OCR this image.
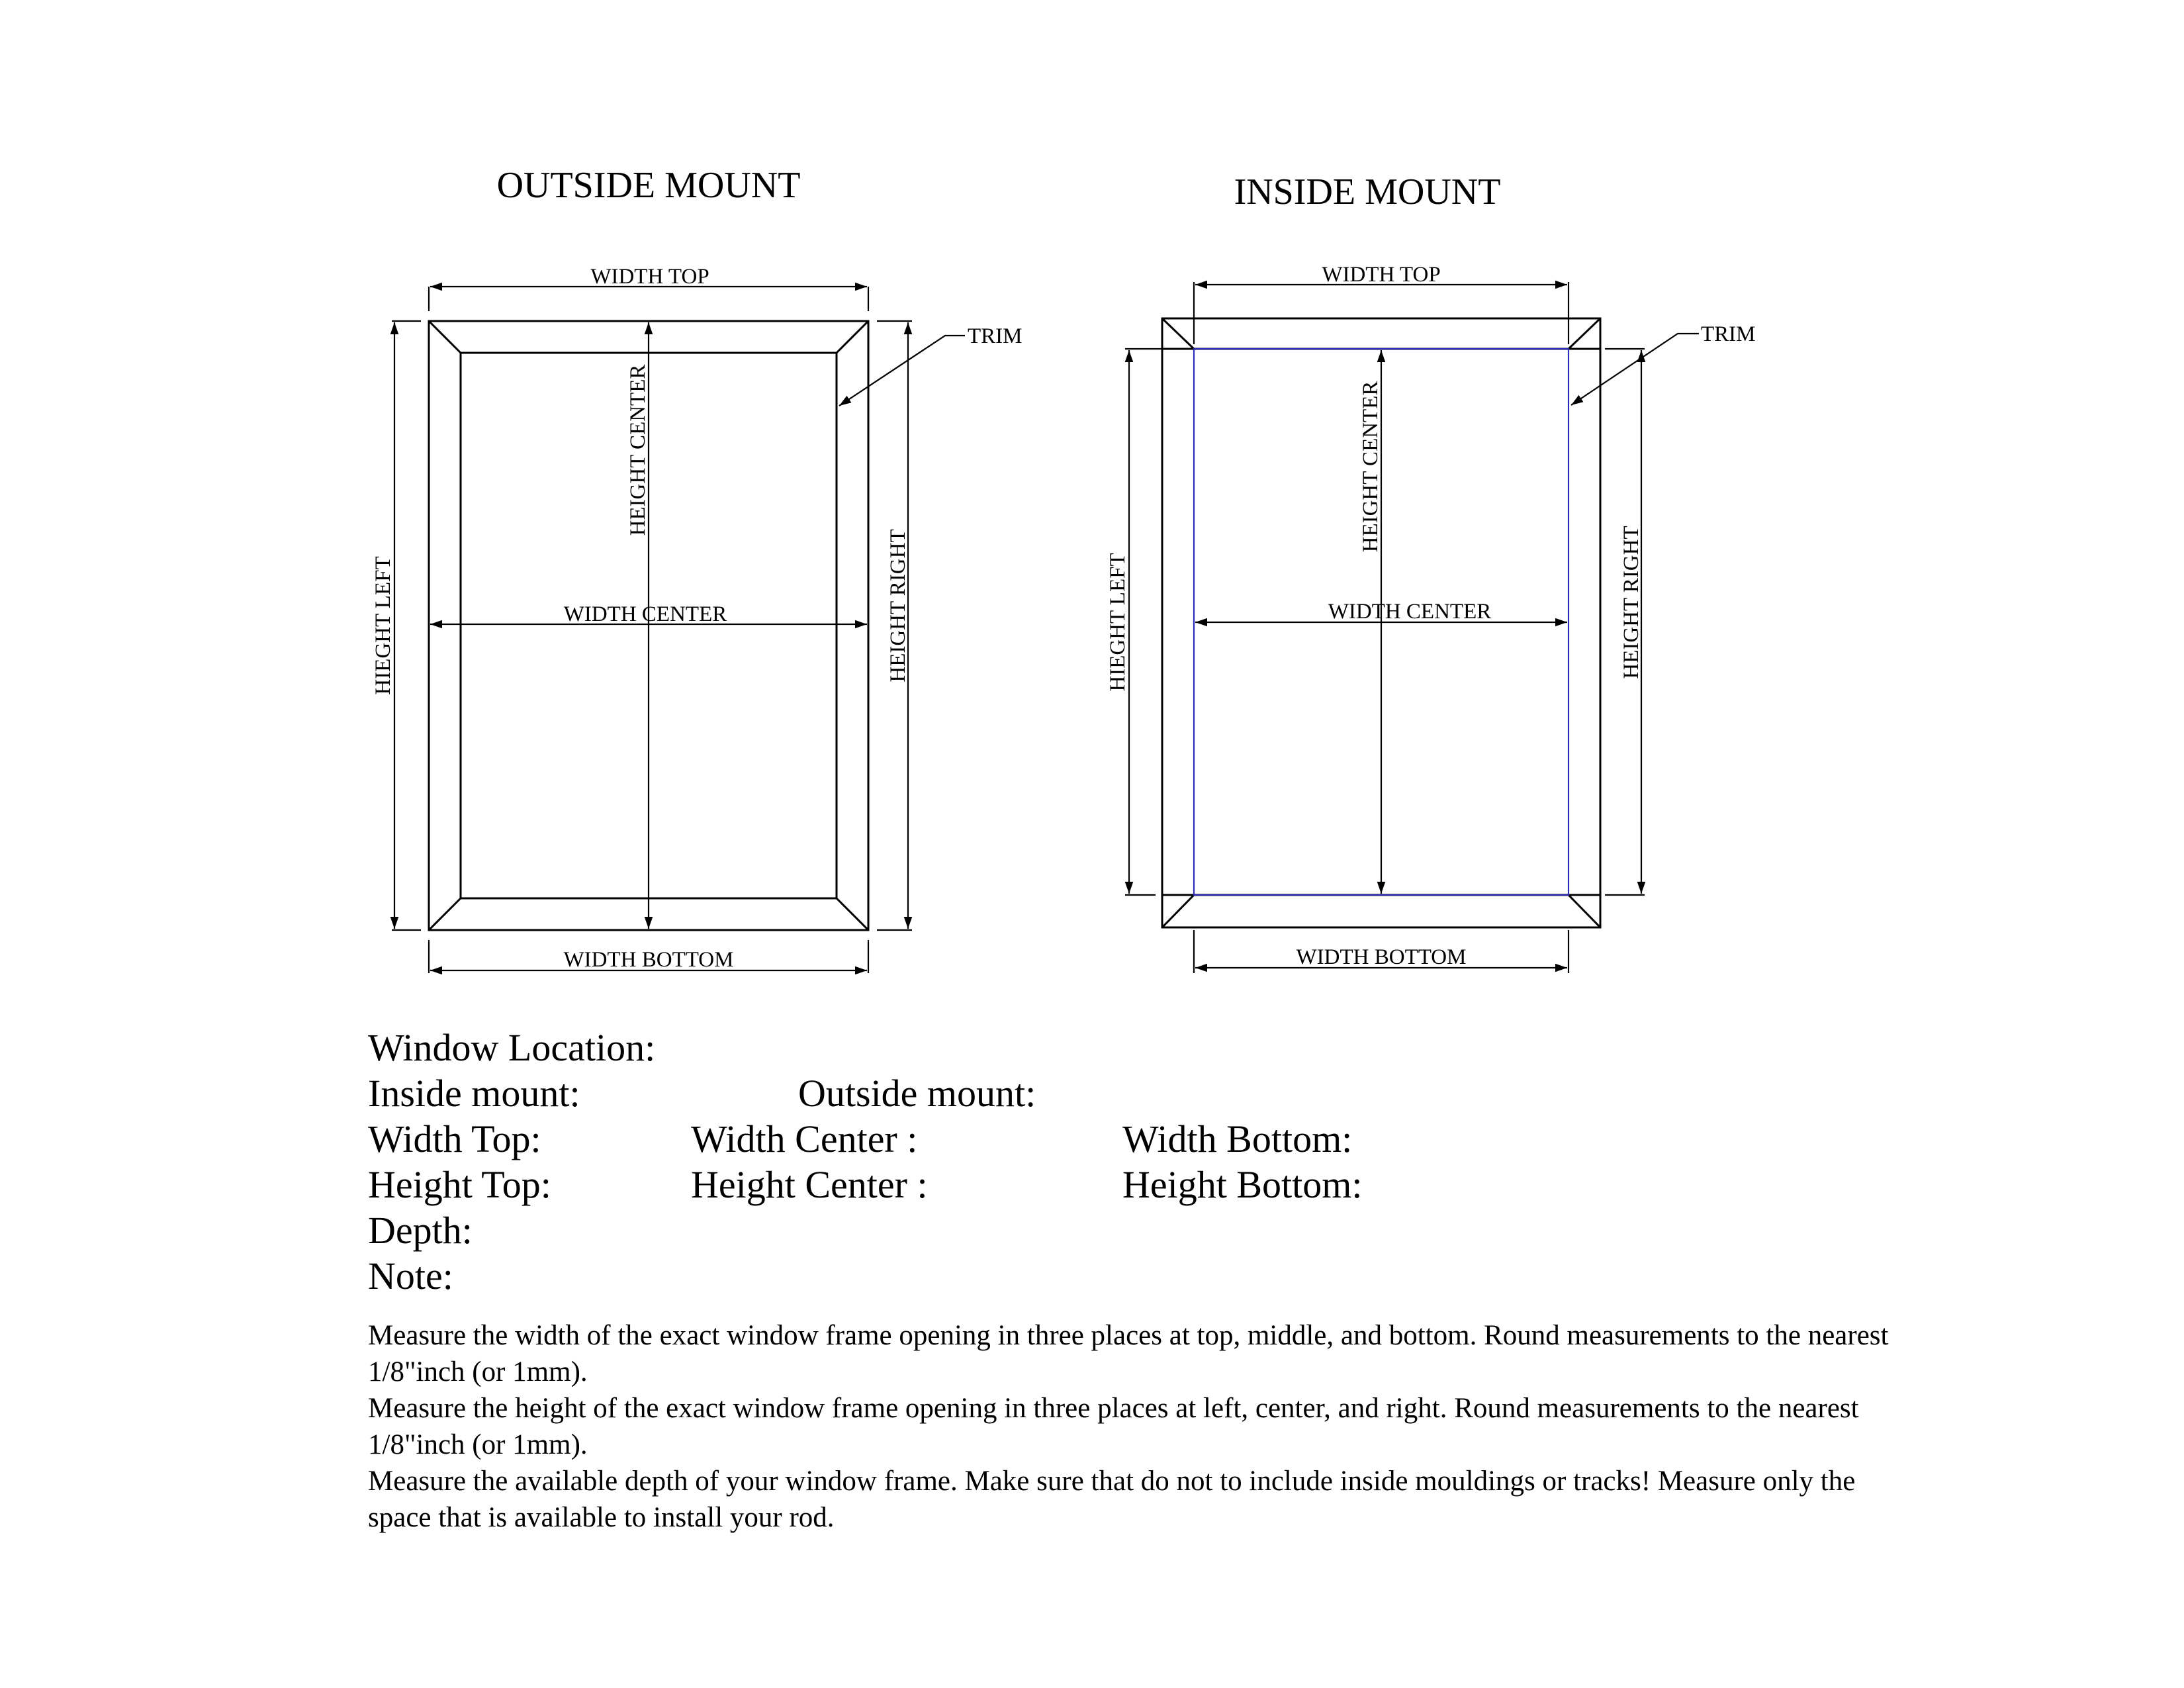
OUTSIDE MOUNT
WIDTH TOP
WIDTH BOTTOM
WIDTH CENTER
HEIGHT CENTER
HIEGHT LEFT	HEIGHT RIGHT
TRIM
INSIDE MOUNT
WIDTH TOP
WIDTH BOTTOM
WIDTH CENTER
HEIGHT CENTER
HIEGHT LEFT	HEIGHT RIGHT
TRIM
Window Location:
Inside mount:	Outside mount:
Width Top:	Width Center :	Width Bottom:
Height Top:	Height Center :	Height Bottom:
Depth:
Note:

Measure the width of the exact window frame opening in three places at top, middle, and bottom. Round measurements to the nearest 1/8"inch (or 1mm).

Measure the height of the exact window frame opening in three places at left, center, and right. Round measurements to the nearest 1/8"inch (or 1mm).

Measure the available depth of your window frame. Make sure that do not to include inside mouldings or tracks! Measure only the space that is available to install your rod.
